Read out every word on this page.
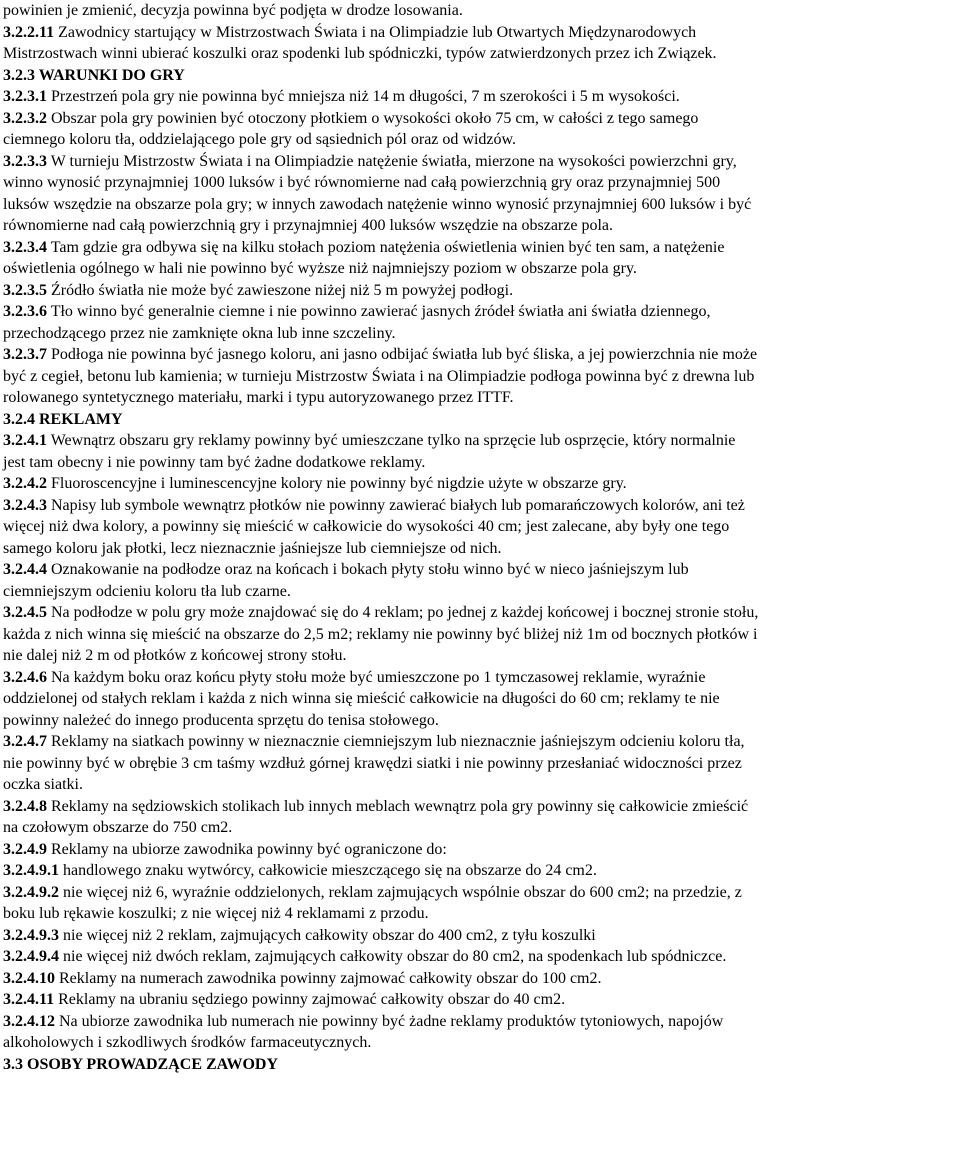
powinien je zmienić, decyzja powinna być podjęta w drodze losowania.
3.2.2.11 Zawodnicy startujący w Mistrzostwach Świata i na Olimpiadzie lub Otwartych Międzynarodowych
Mistrzostwach winni ubierać koszulki oraz spodenki lub spódniczki, typów zatwierdzonych przez ich Związek.
3.2.3 WARUNKI DO GRY
3.2.3.1 Przestrzeń pola gry nie powinna być mniejsza niż 14 m długości, 7 m szerokości i 5 m wysokości.
3.2.3.2 Obszar pola gry powinien być otoczony płotkiem o wysokości około 75 cm, w całości z tego samego
ciemnego koloru tła, oddzielającego pole gry od sąsiednich pól oraz od widzów.
3.2.3.3 W turnieju Mistrzostw Świata i na Olimpiadzie natężenie światła, mierzone na wysokości powierzchni gry,
winno wynosić przynajmniej 1000 luksów i być równomierne nad całą powierzchnią gry oraz przynajmniej 500
luksów wszędzie na obszarze pola gry; w innych zawodach natężenie winno wynosić przynajmniej 600 luksów i być
równomierne nad całą powierzchnią gry i przynajmniej 400 luksów wszędzie na obszarze pola.
3.2.3.4 Tam gdzie gra odbywa się na kilku stołach poziom natężenia oświetlenia winien być ten sam, a natężenie
oświetlenia ogólnego w hali nie powinno być wyższe niż najmniejszy poziom w obszarze pola gry.
3.2.3.5 Źródło światła nie może być zawieszone niżej niż 5 m powyżej podłogi.
3.2.3.6 Tło winno być generalnie ciemne i nie powinno zawierać jasnych źródeł światła ani światła dziennego,
przechodzącego przez nie zamknięte okna lub inne szczeliny.
3.2.3.7 Podłoga nie powinna być jasnego koloru, ani jasno odbijać światła lub być śliska, a jej powierzchnia nie może
być z cegieł, betonu lub kamienia; w turnieju Mistrzostw Świata i na Olimpiadzie podłoga powinna być z drewna lub
rolowanego syntetycznego materiału, marki i typu autoryzowanego przez ITTF.
3.2.4 REKLAMY
3.2.4.1 Wewnątrz obszaru gry reklamy powinny być umieszczane tylko na sprzęcie lub osprzęcie, który normalnie
jest tam obecny i nie powinny tam być żadne dodatkowe reklamy.
3.2.4.2 Fluoroscencyjne i luminescencyjne kolory nie powinny być nigdzie użyte w obszarze gry.
3.2.4.3 Napisy lub symbole wewnątrz płotków nie powinny zawierać białych lub pomarańczowych kolorów, ani też
więcej niż dwa kolory, a powinny się mieścić w całkowicie do wysokości 40 cm; jest zalecane, aby były one tego
samego koloru jak płotki, lecz nieznacznie jaśniejsze lub ciemniejsze od nich.
3.2.4.4 Oznakowanie na podłodze oraz na końcach i bokach płyty stołu winno być w nieco jaśniejszym lub
ciemniejszym odcieniu koloru tła lub czarne.
3.2.4.5 Na podłodze w polu gry może znajdować się do 4 reklam; po jednej z każdej końcowej i bocznej stronie stołu,
każda z nich winna się mieścić na obszarze do 2,5 m2; reklamy nie powinny być bliżej niż 1m od bocznych płotków i
nie dalej niż 2 m od płotków z końcowej strony stołu.
3.2.4.6 Na każdym boku oraz końcu płyty stołu może być umieszczone po 1 tymczasowej reklamie, wyraźnie
oddzielonej od stałych reklam i każda z nich winna się mieścić całkowicie na długości do 60 cm; reklamy te nie
powinny należeć do innego producenta sprzętu do tenisa stołowego.
3.2.4.7 Reklamy na siatkach powinny w nieznacznie ciemniejszym lub nieznacznie jaśniejszym odcieniu koloru tła,
nie powinny być w obrębie 3 cm taśmy wzdłuż górnej krawędzi siatki i nie powinny przesłaniać widoczności przez
oczka siatki.
3.2.4.8 Reklamy na sędziowskich stolikach lub innych meblach wewnątrz pola gry powinny się całkowicie zmieścić
na czołowym obszarze do 750 cm2.
3.2.4.9 Reklamy na ubiorze zawodnika powinny być ograniczone do:
3.2.4.9.1 handlowego znaku wytwórcy, całkowicie mieszczącego się na obszarze do 24 cm2.
3.2.4.9.2 nie więcej niż 6, wyraźnie oddzielonych, reklam zajmujących wspólnie obszar do 600 cm2; na przedzie, z
boku lub rękawie koszulki; z nie więcej niż 4 reklamami z przodu.
3.2.4.9.3 nie więcej niż 2 reklam, zajmujących całkowity obszar do 400 cm2, z tyłu koszulki
3.2.4.9.4 nie więcej niż dwóch reklam, zajmujących całkowity obszar do 80 cm2, na spodenkach lub spódniczce.
3.2.4.10 Reklamy na numerach zawodnika powinny zajmować całkowity obszar do 100 cm2.
3.2.4.11 Reklamy na ubraniu sędziego powinny zajmować całkowity obszar do 40 cm2.
3.2.4.12 Na ubiorze zawodnika lub numerach nie powinny być żadne reklamy produktów tytoniowych, napojów
alkoholowych i szkodliwych środków farmaceutycznych.
3.3 OSOBY PROWADZĄCE ZAWODY
